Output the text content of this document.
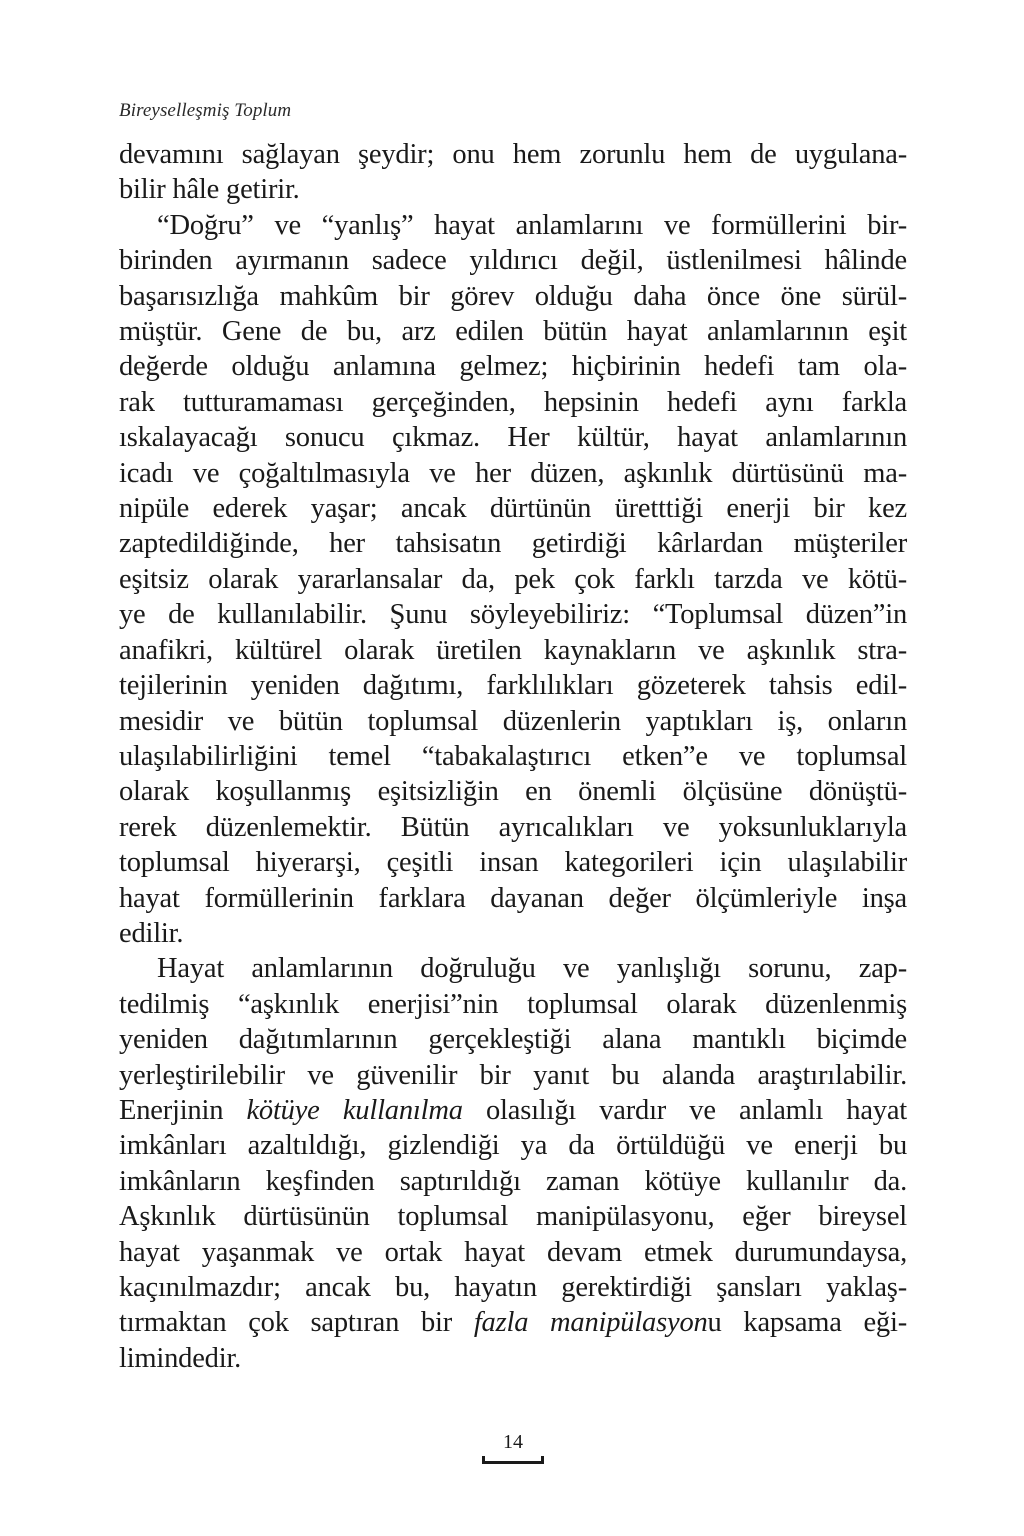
Bireyselleşmiş Toplum
devamını sağlayan şeydir; onu hem zorunlu hem de uygulana-
bilir hâle getirir.
“Doğru” ve “yanlış” hayat anlamlarını ve formüllerini bir-
birinden ayırmanın sadece yıldırıcı değil, üstlenilmesi hâlinde
başarısızlığa mahkûm bir görev olduğu daha önce öne sürül-
müştür. Gene de bu, arz edilen bütün hayat anlamlarının eşit
değerde olduğu anlamına gelmez; hiçbirinin hedefi tam ola-
rak tutturamaması gerçeğinden, hepsinin hedefi aynı farkla
ıskalayacağı sonucu çıkmaz. Her kültür, hayat anlamlarının
icadı ve çoğaltılmasıyla ve her düzen, aşkınlık dürtüsünü ma-
nipüle ederek yaşar; ancak dürtünün üretttiği enerji bir kez
zaptedildiğinde, her tahsisatın getirdiği kârlardan müşteriler
eşitsiz olarak yararlansalar da, pek çok farklı tarzda ve kötü-
ye de kullanılabilir. Şunu söyleyebiliriz: “Toplumsal düzen”in
anafikri, kültürel olarak üretilen kaynakların ve aşkınlık stra-
tejilerinin yeniden dağıtımı, farklılıkları gözeterek tahsis edil-
mesidir ve bütün toplumsal düzenlerin yaptıkları iş, onların
ulaşılabilirliğini temel “tabakalaştırıcı etken”e ve toplumsal
olarak koşullanmış eşitsizliğin en önemli ölçüsüne dönüştü-
rerek düzenlemektir. Bütün ayrıcalıkları ve yoksunluklarıyla
toplumsal hiyerarşi, çeşitli insan kategorileri için ulaşılabilir
hayat formüllerinin farklara dayanan değer ölçümleriyle inşa
edilir.
Hayat anlamlarının doğruluğu ve yanlışlığı sorunu, zap-
tedilmiş “aşkınlık enerjisi”nin toplumsal olarak düzenlenmiş
yeniden dağıtımlarının gerçekleştiği alana mantıklı biçimde
yerleştirilebilir ve güvenilir bir yanıt bu alanda araştırılabilir.
Enerjinin kötüye kullanılma olasılığı vardır ve anlamlı hayat
imkânları azaltıldığı, gizlendiği ya da örtüldüğü ve enerji bu
imkânların keşfinden saptırıldığı zaman kötüye kullanılır da.
Aşkınlık dürtüsünün toplumsal manipülasyonu, eğer bireysel
hayat yaşanmak ve ortak hayat devam etmek durumundaysa,
kaçınılmazdır; ancak bu, hayatın gerektirdiği şansları yaklaş-
tırmaktan çok saptıran bir fazla manipülasyonu kapsama eği-
limindedir.
14
